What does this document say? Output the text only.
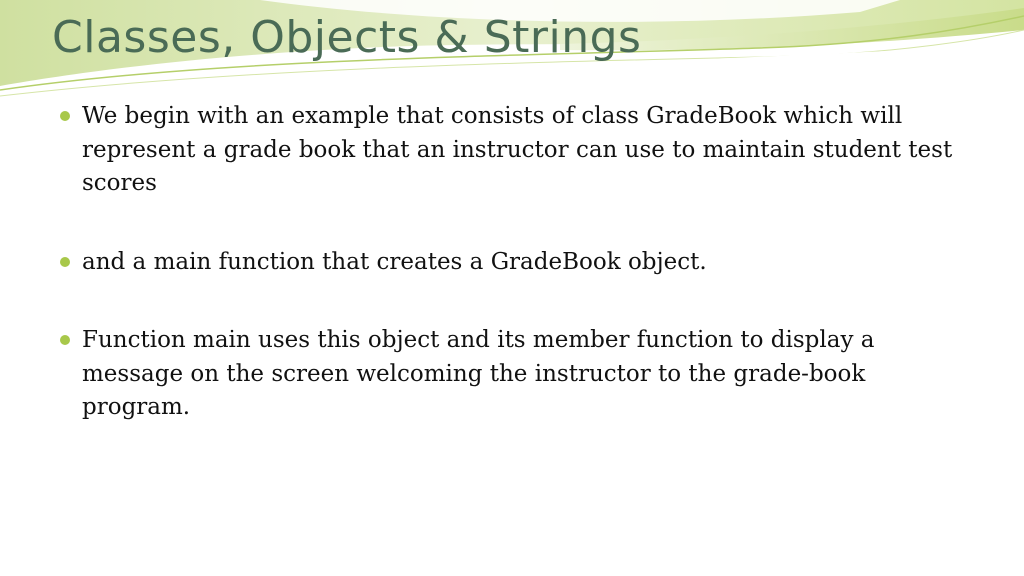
Classes, Objects & Strings
We begin with an example that consists of class GradeBook which will represent a grade book that an instructor can use to maintain student test scores
and a main function that creates a GradeBook object.
Function main uses this object and its member function to display a message on the screen welcoming the instructor to the grade-book program.
